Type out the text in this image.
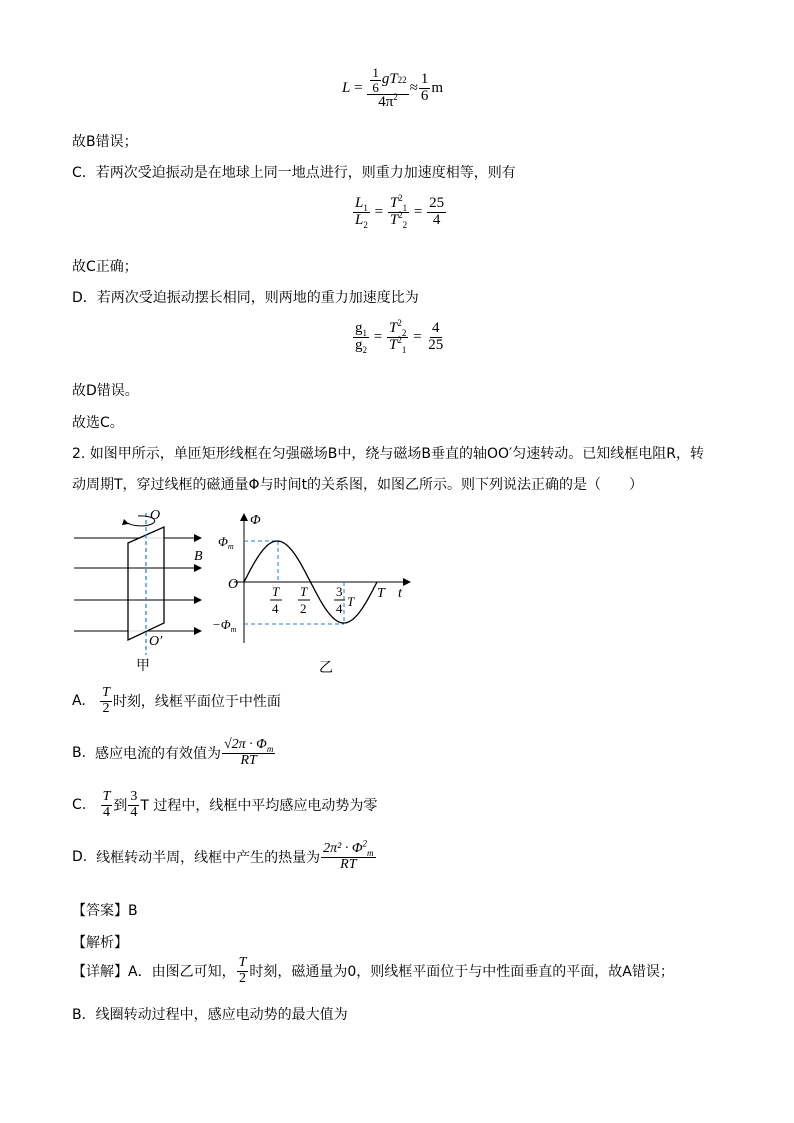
$L = \frac{\frac{1}{6} gT 2 2}{4\pi^2} \approx \frac{1}{6}$ m
故B错误；
C．若两次受迫振动是在地球上同一地点进行，则重力加速度相等，则有
$\frac{L_1}{L_2} = \frac{T^2_1}{T^2_2} = \frac{25}{4}$
故C正确；
D．若两次受迫振动摆长相同，则两地的重力加速度比为
$\frac{g_1}{g_2} = \frac{T^2_2}{T^2_1} = \frac{4}{25}$
故D错误。
故选C。
2. 如图甲所示，单匝矩形线框在匀强磁场B中，绕与磁场B垂直的轴OO′匀速转动。已知线框电阻R，转
动周期T，穿过线框的磁通量Φ与时间t的关系图，如图乙所示。则下列说法正确的是（　　）
O
O′
B
甲
Φ
$\Phi_m$
$-\Phi_m$
O	T
4
T
2
3
4 T
T t
乙
A.
$\frac{T}{2}$ 时刻，线框平面位于中性面
B.
感应电流的有效值为 $\frac{√2\pi \cdot \Phi_m}{RT}$
C.
$\frac{T}{4}$ 到 $\frac{3}{4}$ T 过程中，线框中平均感应电动势为零
D.
线框转动半周，线框中产生的热量为 $\frac{2\pi^2 \cdot \Phi^2_m}{RT}$
【答案】B
【解析】
【详解】A．由图乙可知， $\frac{T}{2}$ 时刻，磁通量为0，则线框平面位于与中性面垂直的平面，故A错误；
B．线圈转动过程中，感应电动势的最大值为
